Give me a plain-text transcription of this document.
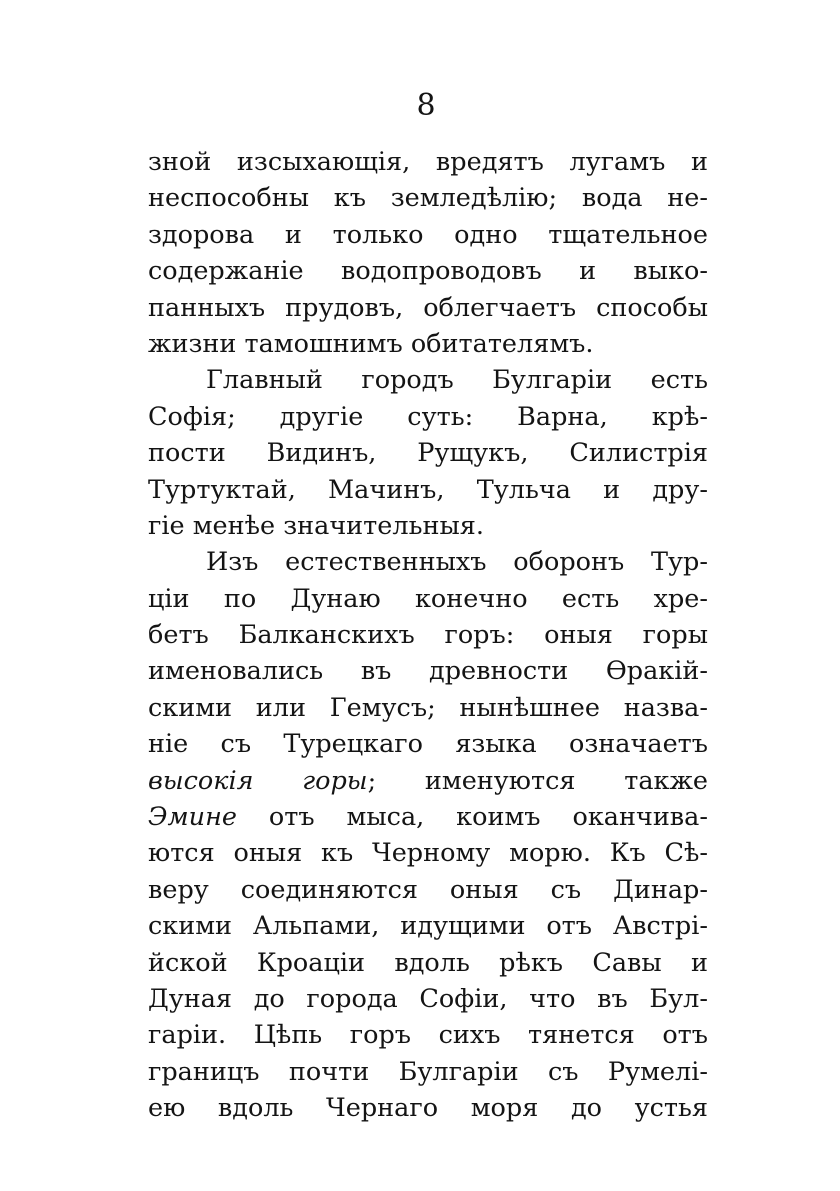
8
зной изсыхающія, вредятъ лугамъ и
неспособны къ земледѣлію; вода не-
здорова и только одно тщательное
содержаніе водопроводовъ и выко-
панныхъ прудовъ, облегчаетъ способы
жизни тамошнимъ обитателямъ.
Главный городъ Булгаріи есть
Софія; другіе суть: Варна, крѣ-
пости Видинъ, Рущукъ, Силистрія
Туртуктай, Мачинъ, Тульча и дру-
гіе менѣе значительныя.
Изъ естественныхъ оборонъ Тур-
ціи по Дунаю конечно есть хре-
бетъ Балканскихъ горъ: оныя горы
именовались въ древности Ѳракій-
скими или Гемусъ; нынѣшнее назва-
ніе съ Турецкаго языка означаетъ
высокія горы; именуются также
Эмине отъ мыса, коимъ оканчива-
ются оныя къ Черному морю. Къ Сѣ-
веру соединяются оныя съ Динар-
скими Альпами, идущими отъ Австрі-
йской Кроаціи вдоль рѣкъ Савы и
Дуная до города Софіи, что въ Бул-
гаріи. Цѣпь горъ сихъ тянется отъ
границъ почти Булгаріи съ Румелі-
ею вдоль Чернаго моря до устья
